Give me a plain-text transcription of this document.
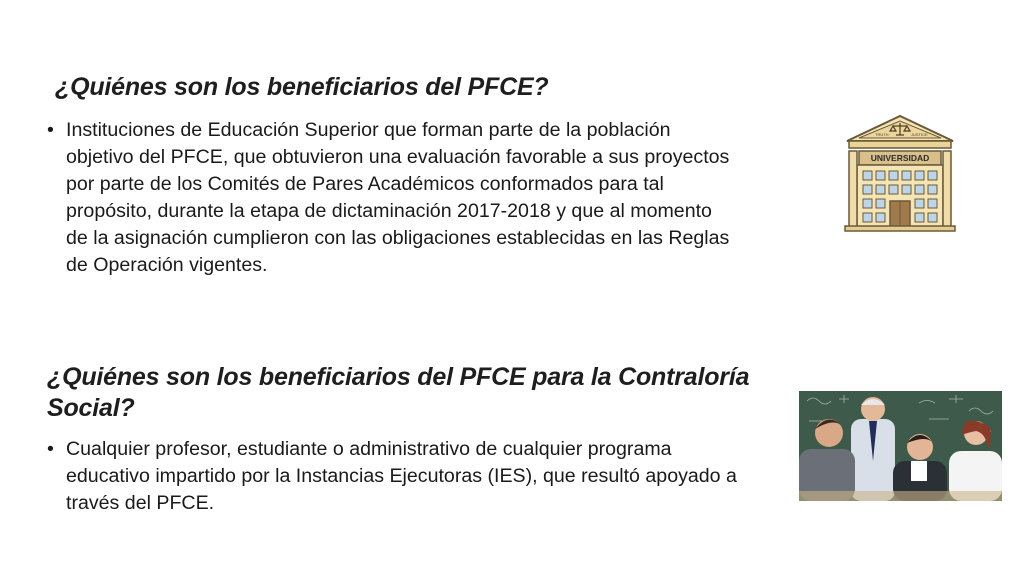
¿Quiénes son los beneficiarios del PFCE?
• Instituciones de Educación Superior que forman parte de la población objetivo del PFCE, que obtuvieron una evaluación favorable a sus proyectos por parte de los Comités de Pares Académicos conformados para tal propósito, durante la etapa de dictaminación 2017-2018 y que al momento de la asignación cumplieron con las obligaciones establecidas en las Reglas de Operación vigentes.
¿Quiénes son los beneficiarios del PFCE para la Contraloría Social?
• Cualquier profesor, estudiante o administrativo de cualquier programa educativo impartido por la Instancias Ejecutoras (IES), que resultó apoyado a través del PFCE.
TRUTH	JUSTICE
UNIVERSIDAD
